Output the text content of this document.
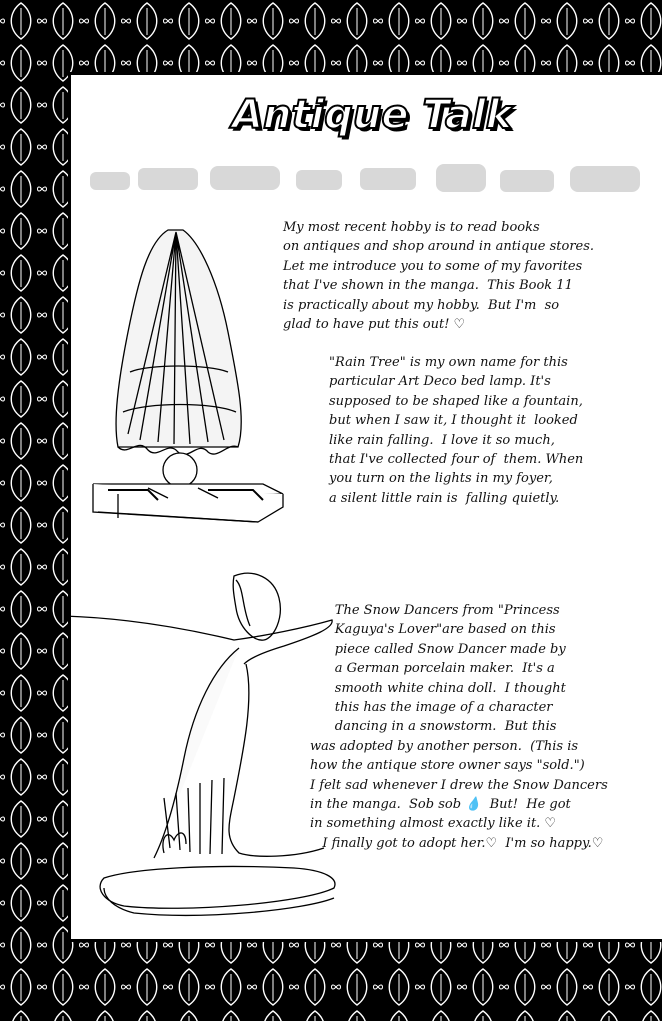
Antique Talk
My most recent hobby is to read books
on antiques and shop around in antique stores.
Let me introduce you to some of my favorites
that I've shown in the manga.  This Book 11
is practically about my hobby.  But I'm  so
glad to have put this out! ♡
"Rain Tree" is my own name for this
particular Art Deco bed lamp. It's
supposed to be shaped like a fountain,
but when I saw it, I thought it  looked
like rain falling.  I love it so much,
that I've collected four of  them. When
you turn on the lights in my foyer,
a silent little rain is  falling quietly.
The Snow Dancers from "Princess
Kaguya's Lover"are based on this
piece called Snow Dancer made by
a German porcelain maker.  It's a
smooth white china doll.  I thought
this has the image of a character
dancing in a snowstorm.  But this
was adopted by another person.  (This is
how the antique store owner says "sold.")
I felt sad whenever I drew the Snow Dancers
in the manga.  Sob sob 💧  But!  He got
in something almost exactly like it. ♡
I finally got to adopt her.♡  I'm so happy.♡
